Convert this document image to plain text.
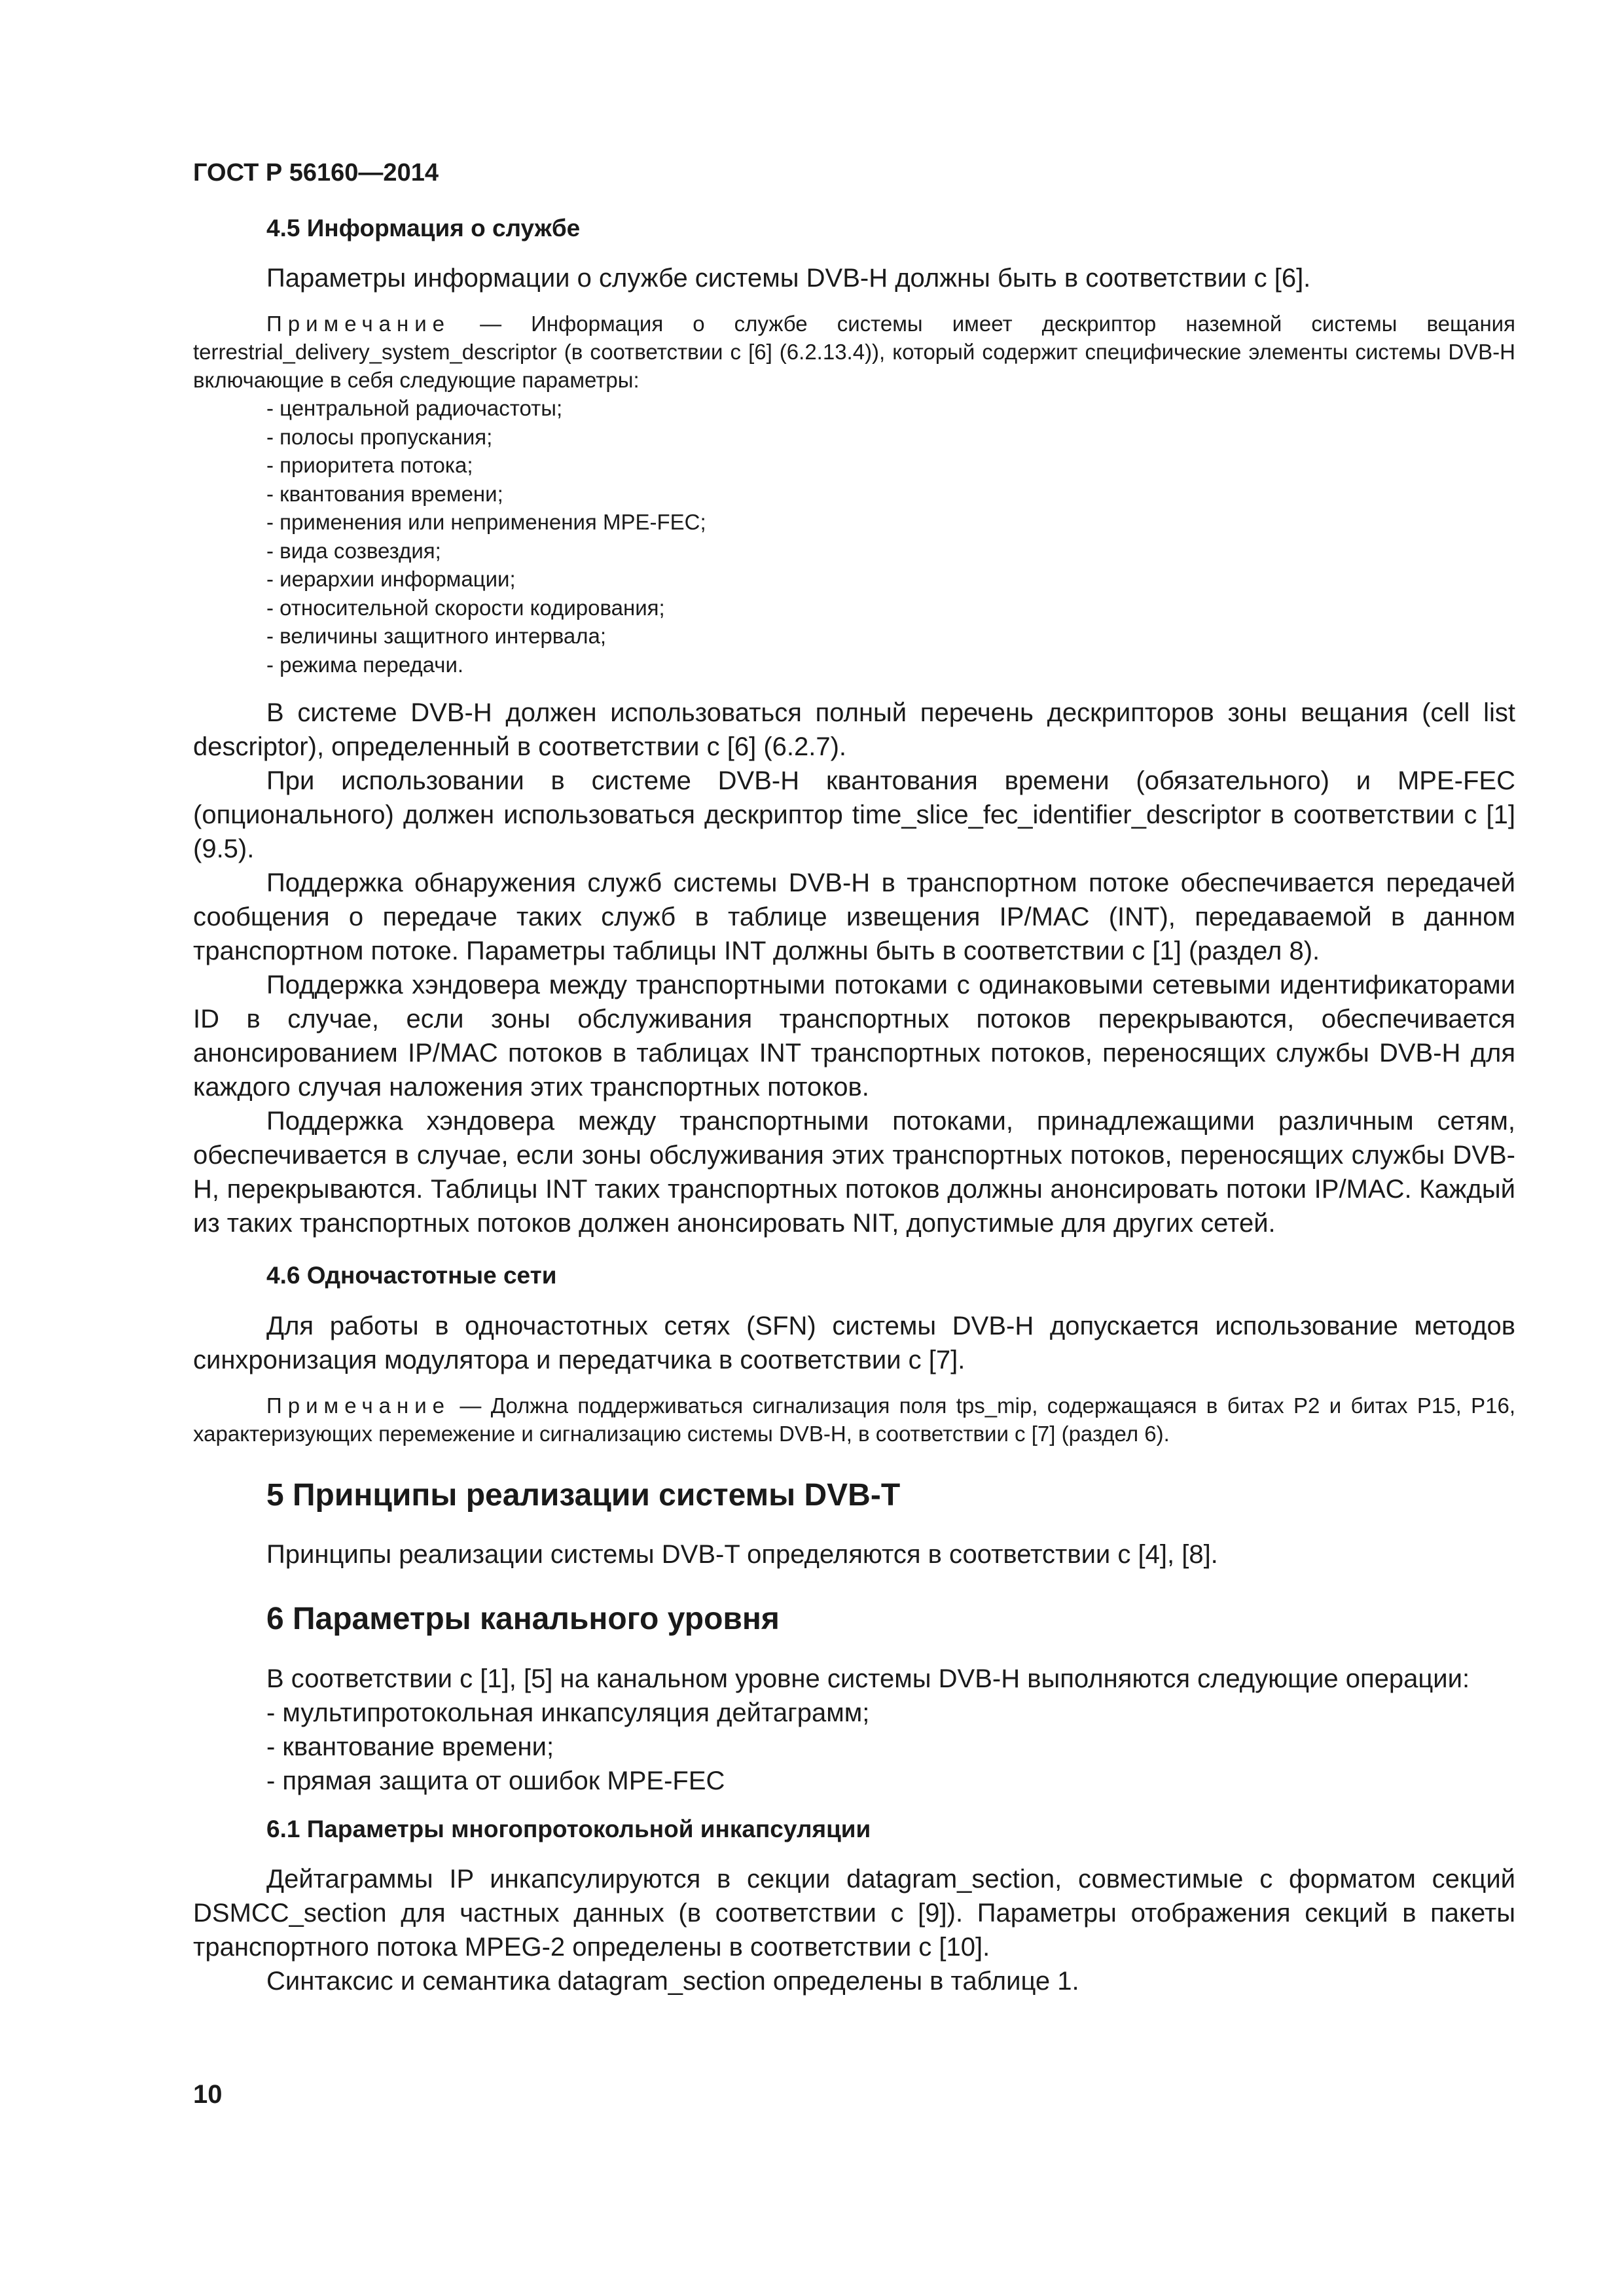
ГОСТ Р 56160—2014
4.5 Информация о службе

Параметры информации о службе системы DVB-H должны быть в соответствии с [6].

Примечание — Информация о службе системы имеет дескриптор наземной системы вещания terrestrial_delivery_system_descriptor (в соответствии с [6] (6.2.13.4)), который содержит специфические элементы системы DVB-H включающие в себя следующие параметры:

- центральной радиочастоты;
- полосы пропускания;
- приоритета потока;
- квантования времени;
- применения или неприменения MPE-FEC;
- вида созвездия;
- иерархии информации;
- относительной скорости кодирования;
- величины защитного интервала;
- режима передачи.

В системе DVB-H должен использоваться полный перечень дескрипторов зоны вещания (cell list descriptor), определенный в соответствии с [6] (6.2.7).

При использовании в системе DVB-H квантования времени (обязательного) и MPE-FEC (опционального) должен использоваться дескриптор time_slice_fec_identifier_descriptor в соответствии с [1] (9.5).

Поддержка обнаружения служб системы DVB-H в транспортном потоке обеспечивается передачей сообщения о передаче таких служб в таблице извещения IP/MAC (INT), передаваемой в данном транспортном потоке. Параметры таблицы INT должны быть в соответствии с [1] (раздел 8).

Поддержка хэндовера между транспортными потоками с одинаковыми сетевыми идентификаторами ID в случае, если зоны обслуживания транспортных потоков перекрываются, обеспечивается анонсированием IP/MAC потоков в таблицах INT транспортных потоков, переносящих службы DVB-H для каждого случая наложения этих транспортных потоков.

Поддержка хэндовера между транспортными потоками, принадлежащими различным сетям, обеспечивается в случае, если зоны обслуживания этих транспортных потоков, переносящих службы DVB-H, перекрываются. Таблицы INT таких транспортных потоков должны анонсировать потоки IP/MAC. Каждый из таких транспортных потоков должен анонсировать NIT, допустимые для других сетей.

4.6 Одночастотные сети

Для работы в одночастотных сетях (SFN) системы DVB-H допускается использование методов синхронизация модулятора и передатчика в соответствии с [7].

Примечание — Должна поддерживаться сигнализация поля tps_mip, содержащаяся в битах P2 и битах P15, P16, характеризующих перемежение и сигнализацию системы DVB-H, в соответствии с [7] (раздел 6).

5 Принципы реализации системы DVB-T

Принципы реализации системы DVB-T определяются в соответствии с [4], [8].

6 Параметры канального уровня

В соответствии с [1], [5] на канальном уровне системы DVB-H выполняются следующие операции:

- мультипротокольная инкапсуляция дейтаграмм;
- квантование времени;
- прямая защита от ошибок MPE-FEC
6.1 Параметры многопротокольной инкапсуляции

Дейтаграммы IP инкапсулируются в секции datagram_section, совместимые с форматом секций DSMCC_section для частных данных (в соответствии с [9]). Параметры отображения секций в пакеты транспортного потока MPEG-2 определены в соответствии с [10].

Синтаксис и семантика datagram_section определены в таблице 1.

10
